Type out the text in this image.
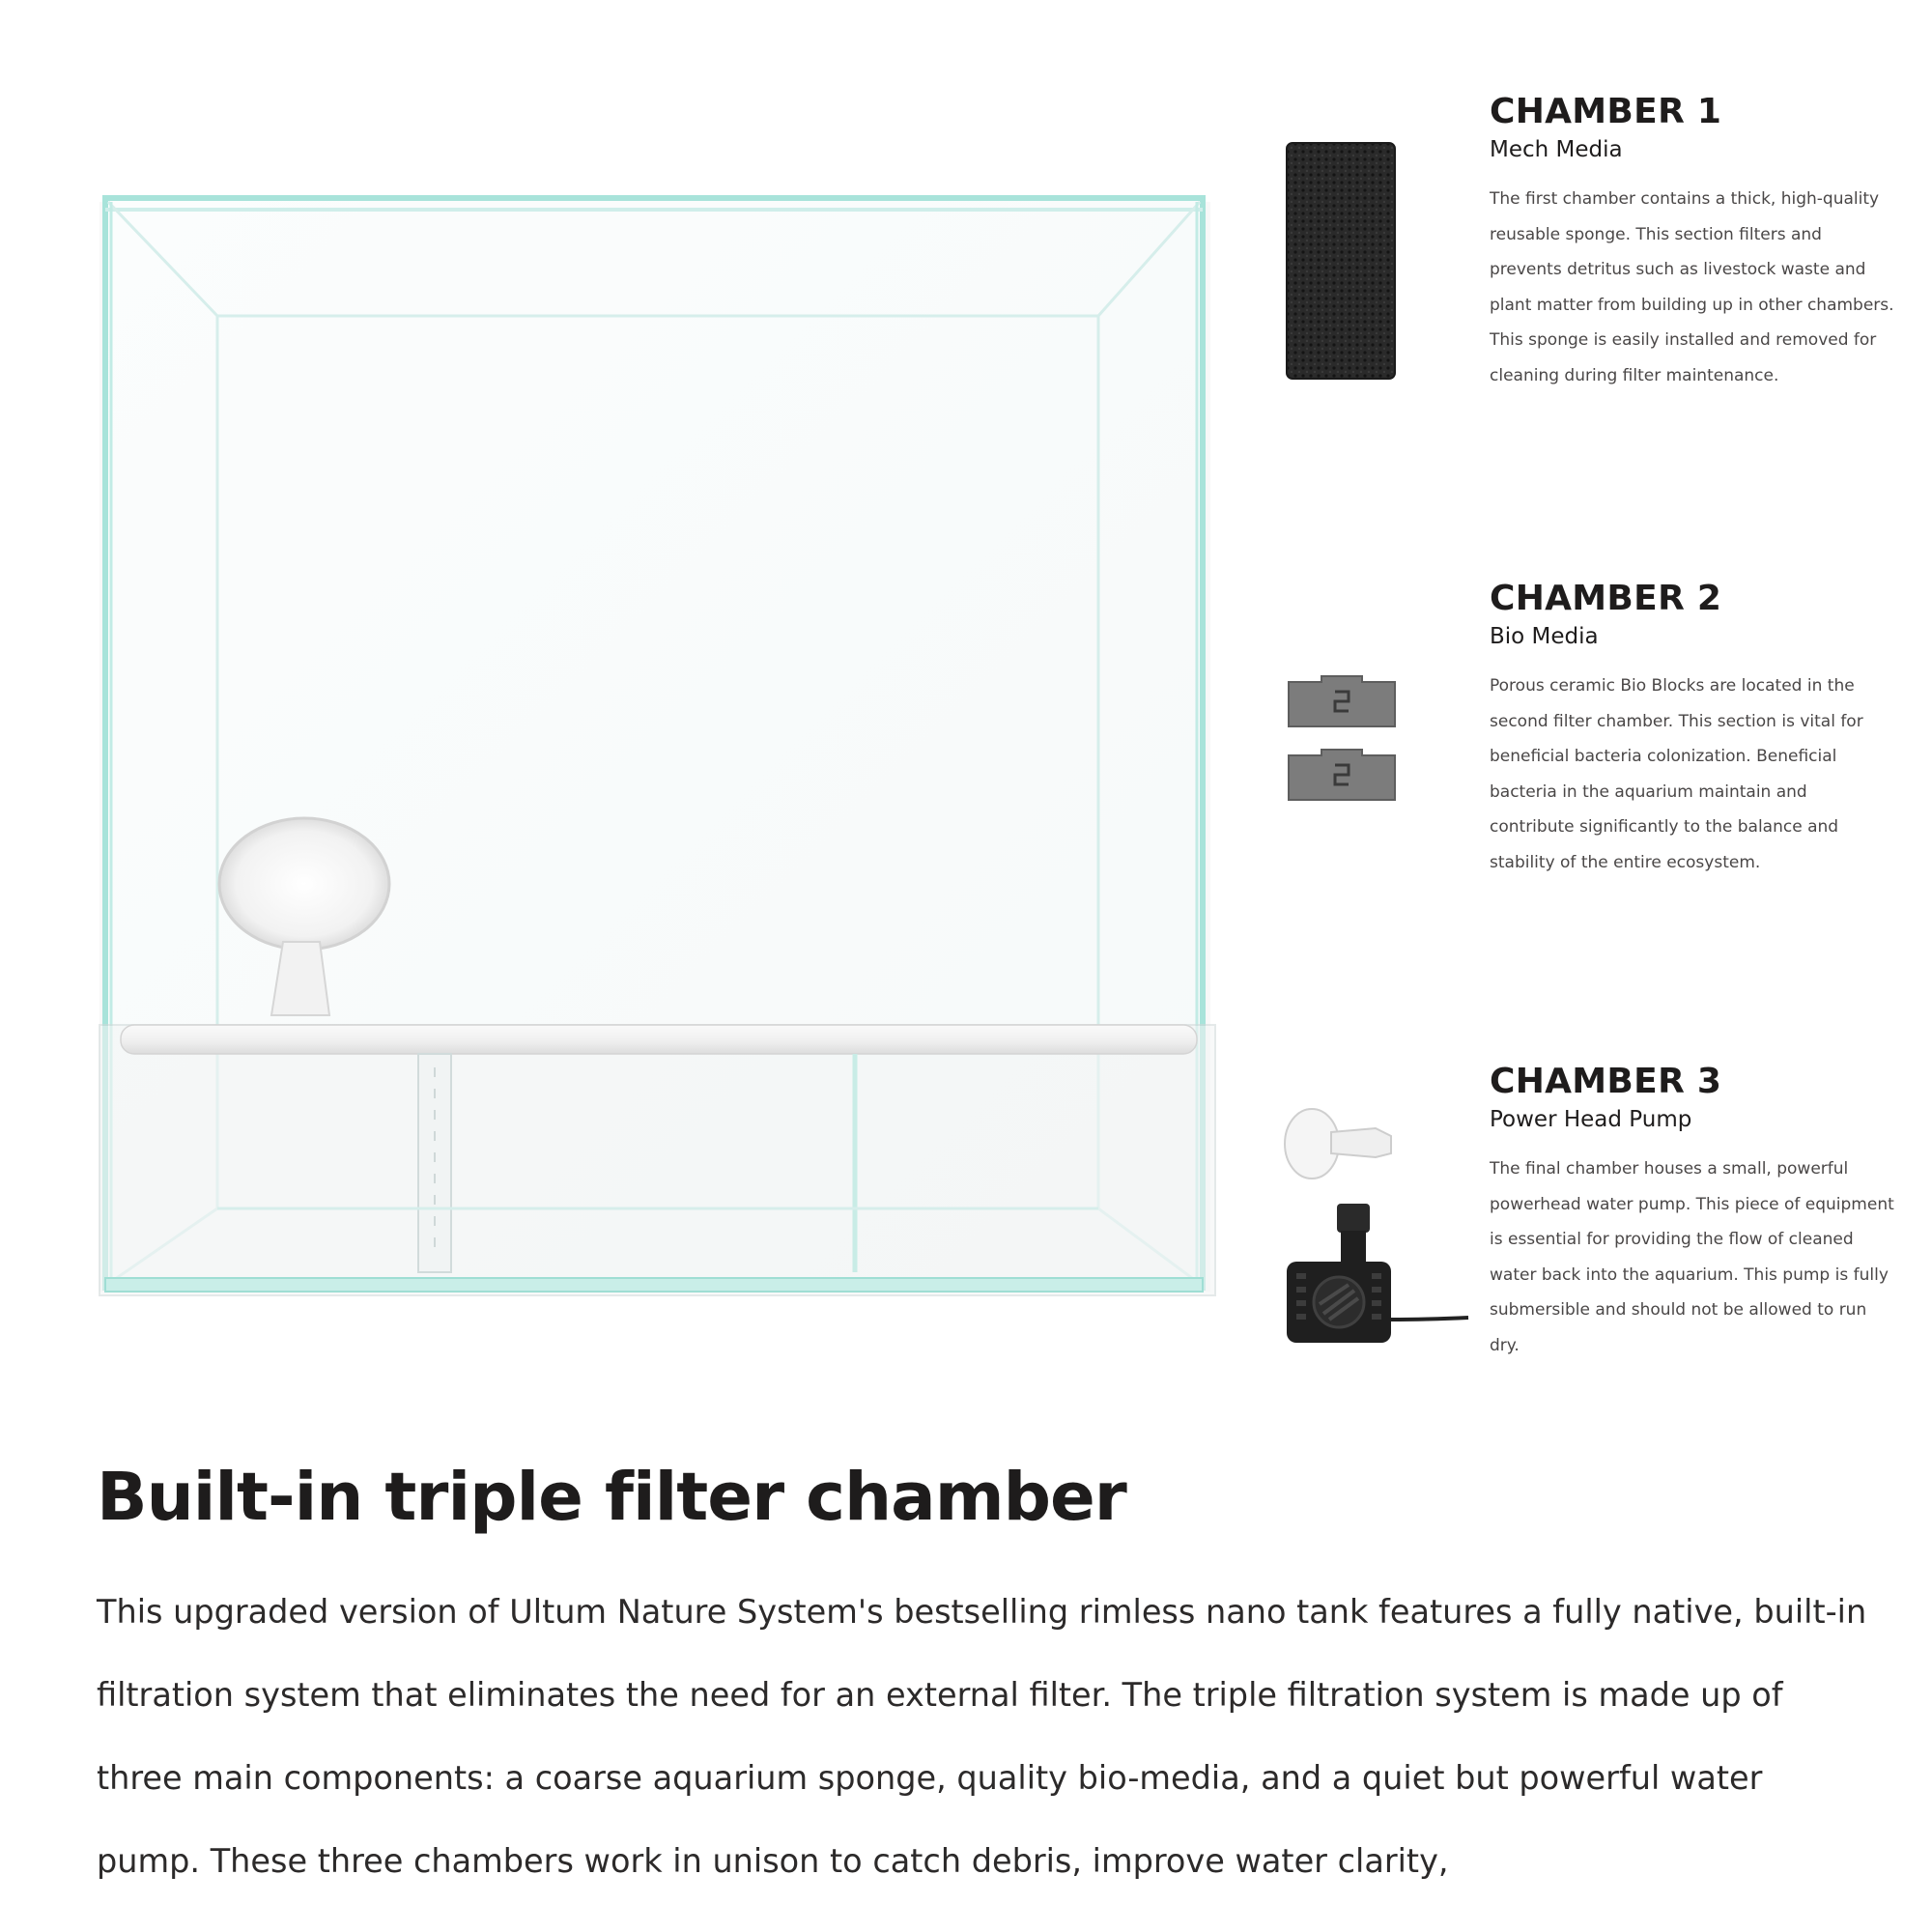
CHAMBER 1
Mech Media
The first chamber contains a thick, high-quality reusable sponge. This section filters and prevents detritus such as livestock waste and plant matter from building up in other chambers. This sponge is easily installed and removed for cleaning during filter maintenance.
CHAMBER 2
Bio Media
Porous ceramic Bio Blocks are located in the second filter chamber. This section is vital for beneficial bacteria colonization. Beneficial bacteria in the aquarium maintain and contribute significantly to the balance and stability of the entire ecosystem.
CHAMBER 3
Power Head Pump
The final chamber houses a small, powerful powerhead water pump. This piece of equipment is essential for providing the flow of cleaned water back into the aquarium. This pump is fully submersible and should not be allowed to run dry.
Built-in triple filter chamber

This upgraded version of Ultum Nature System's bestselling rimless nano tank features a fully native, built-in filtration system that eliminates the need for an external filter. The triple filtration system is made up of three main components: a coarse aquarium sponge, quality bio-media, and a quiet but powerful water pump. These three chambers work in unison to catch debris, improve water clarity,
